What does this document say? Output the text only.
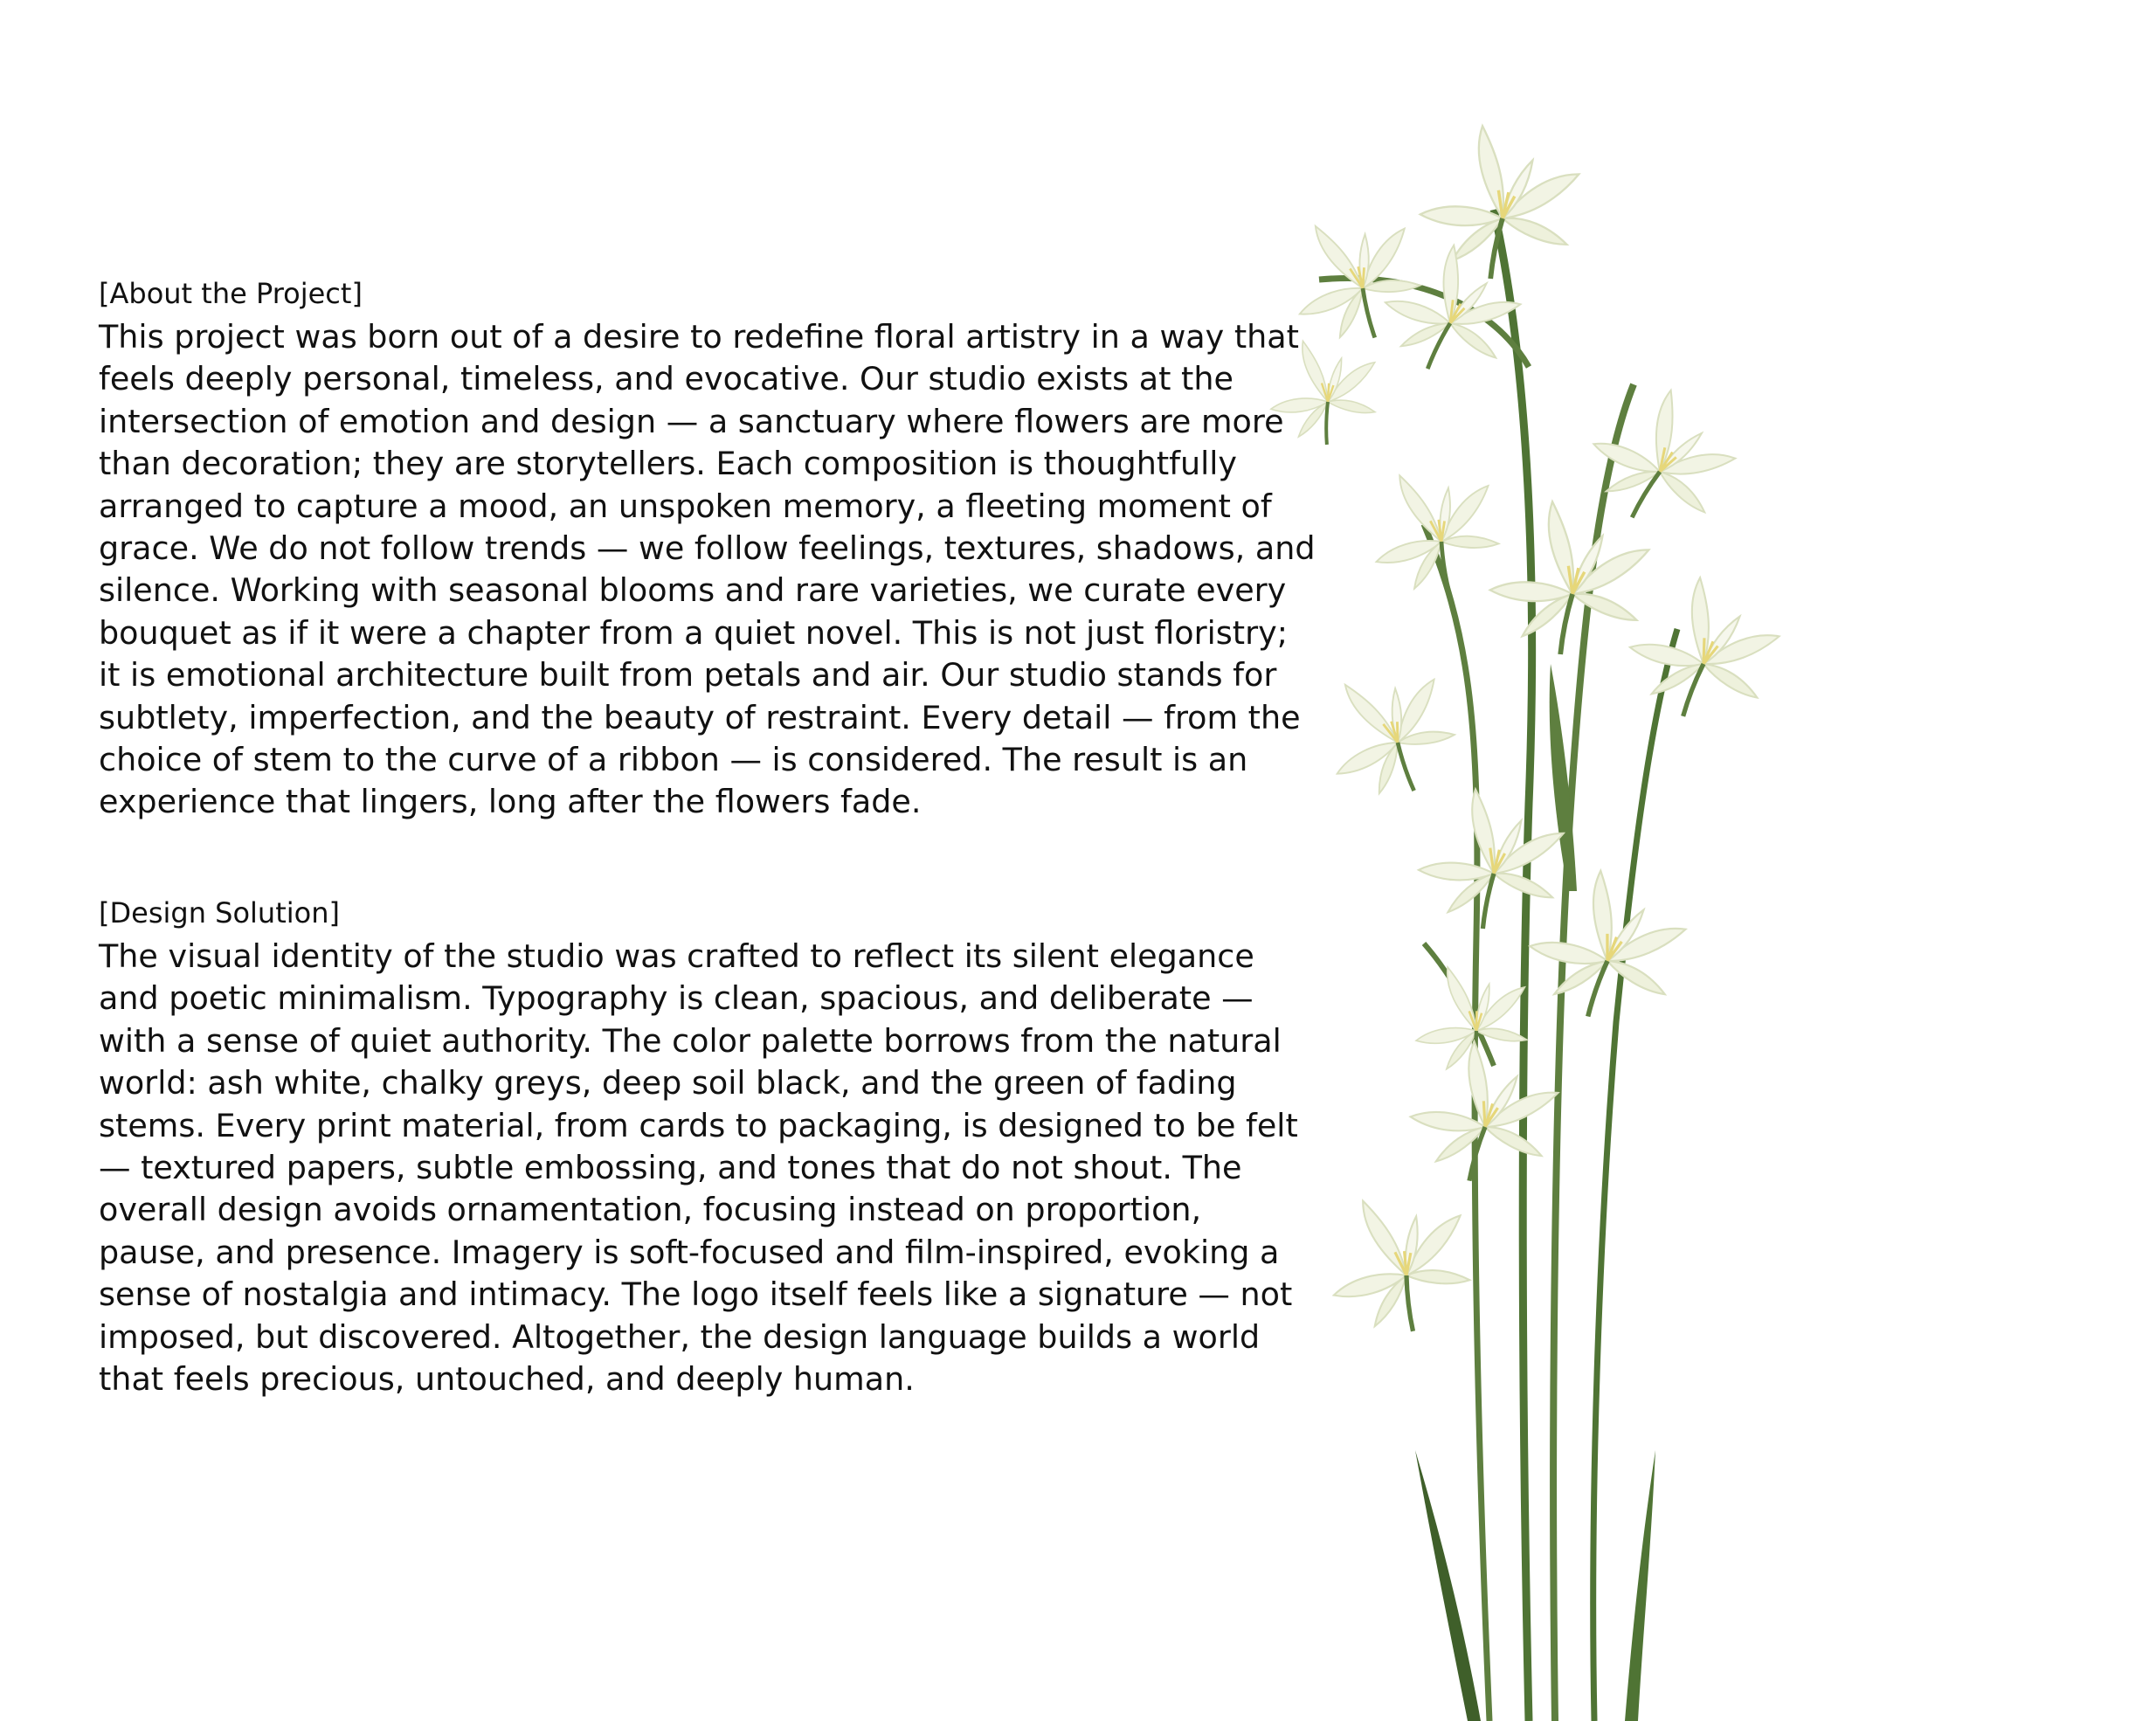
[About the Project]

This project was born out of a desire to redefine floral artistry in a way that feels deeply personal, timeless, and evocative. Our studio exists at the intersection of emotion and design — a sanctuary where flowers are more than decoration; they are storytellers. Each composition is thoughtfully arranged to capture a mood, an unspoken memory, a fleeting moment of grace. We do not follow trends — we follow feelings, textures, shadows, and silence. Working with seasonal blooms and rare varieties, we curate every bouquet as if it were a chapter from a quiet novel. This is not just floristry; it is emotional architecture built from petals and air. Our studio stands for subtlety, imperfection, and the beauty of restraint. Every detail — from the choice of stem to the curve of a ribbon — is considered. The result is an experience that lingers, long after the flowers fade.

[Design Solution]

The visual identity of the studio was crafted to reflect its silent elegance and poetic minimalism. Typography is clean, spacious, and deliberate — with a sense of quiet authority. The color palette borrows from the natural world: ash white, chalky greys, deep soil black, and the green of fading stems. Every print material, from cards to packaging, is designed to be felt — textured papers, subtle embossing, and tones that do not shout. The overall design avoids ornamentation, focusing instead on proportion, pause, and presence. Imagery is soft-focused and film-inspired, evoking a sense of nostalgia and intimacy. The logo itself feels like a signature — not imposed, but discovered. Altogether, the design language builds a world that feels precious, untouched, and deeply human.
